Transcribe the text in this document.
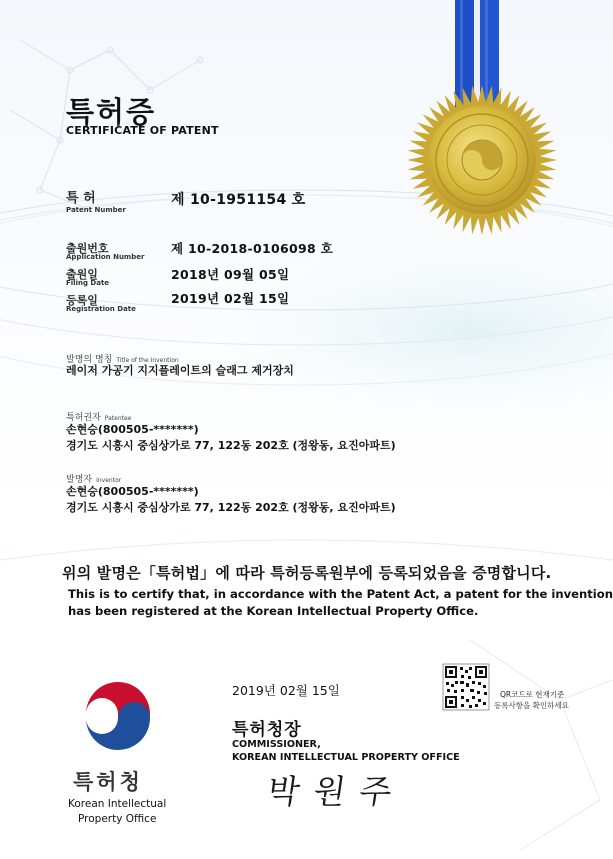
특허증
CERTIFICATE OF PATENT
특 허
Patent Number
제 10-1951154 호
출원번호
Application Number
제 10-2018-0106098 호
출원일
Filing Date
2018년 09월 05일
등록일
Registration Date
2019년 02월 15일
발명의 명칭 Title of the Invention
레이저 가공기 지지플레이트의 슬래그 제거장치
특허권자 Patentee
손현승(800505-*******)
경기도 시흥시 중심상가로 77, 122동 202호 (정왕동, 요진아파트)
발명자 Inventor
손현승(800505-*******)
경기도 시흥시 중심상가로 77, 122동 202호 (정왕동, 요진아파트)
위의 발명은「특허법」에 따라 특허등록원부에 등록되었음을 증명합니다.
This is to certify that, in accordance with the Patent Act, a patent for the invention
has been registered at the Korean Intellectual Property Office.
2019년 02월 15일	QR코드로 현재기준
등록사항을 확인하세요
특허청
Korean Intellectual
Property Office
특허청장
COMMISSIONER,
KOREAN INTELLECTUAL PROPERTY OFFICE
박원주
